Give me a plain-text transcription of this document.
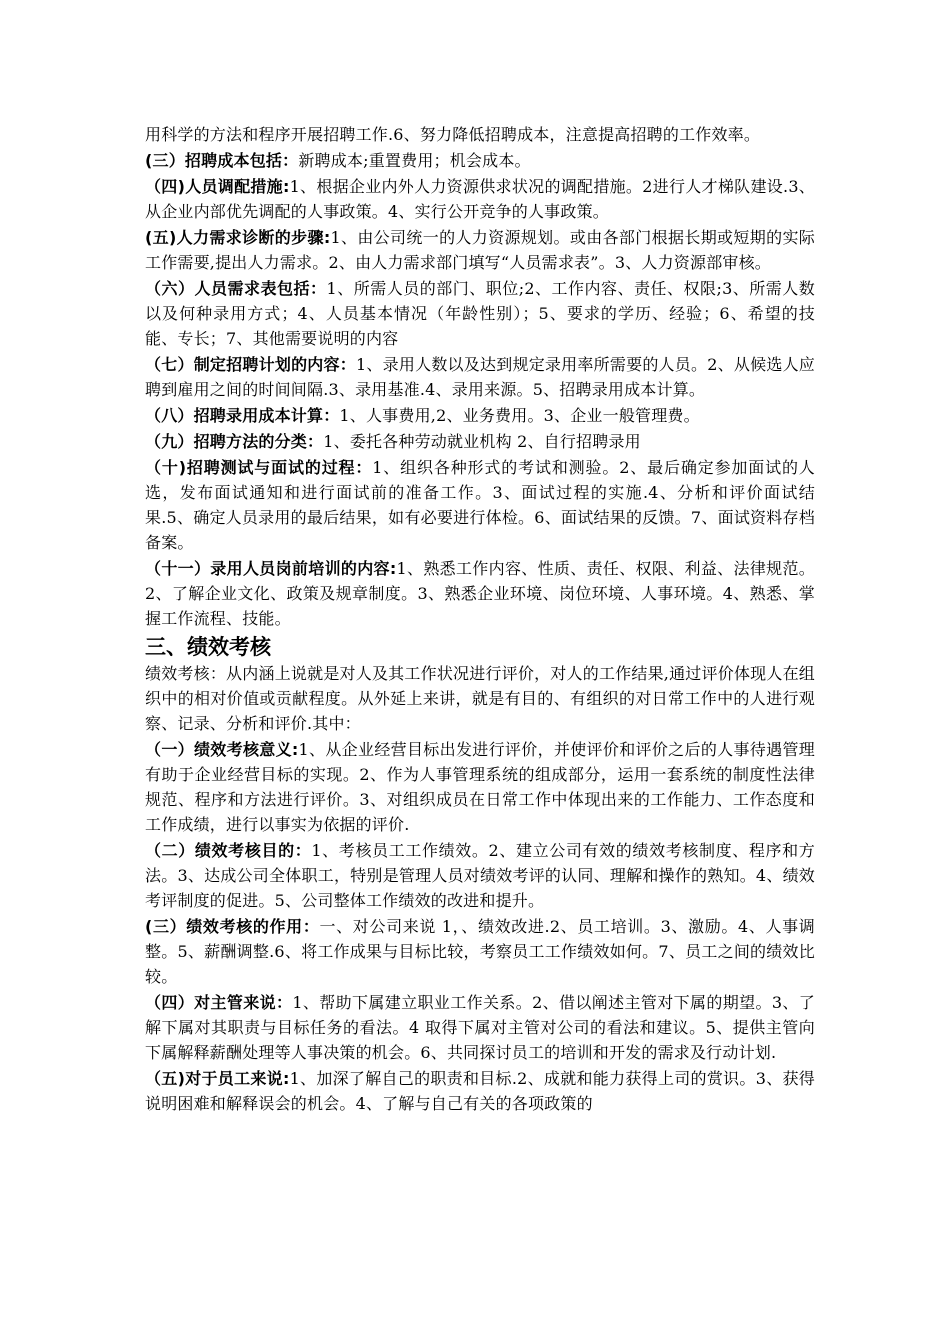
用科学的方法和程序开展招聘工作.6、努力降低招聘成本，注意提高招聘的工作效率。

(三）招聘成本包括：新聘成本;重置费用；机会成本。

（四)人员调配措施:1、根据企业内外人力资源供求状况的调配措施。2进行人才梯队建设.3、从企业内部优先调配的人事政策。4、实行公开竞争的人事政策。

(五)人力需求诊断的步骤:1、由公司统一的人力资源规划。或由各部门根据长期或短期的实际工作需要,提出人力需求。2、由人力需求部门填写“人员需求表”。3、人力资源部审核。

（六）人员需求表包括：1、所需人员的部门、职位;2、工作内容、责任、权限;3、所需人数以及何种录用方式；4、人员基本情况（年龄性别）；5、要求的学历、经验；6、希望的技能、专长；7、其他需要说明的内容

（七）制定招聘计划的内容：1、录用人数以及达到规定录用率所需要的人员。2、从候选人应聘到雇用之间的时间间隔.3、录用基准.4、录用来源。5、招聘录用成本计算。

（八）招聘录用成本计算：1、人事费用,2、业务费用。3、企业一般管理费。

（九）招聘方法的分类：1、委托各种劳动就业机构 2、自行招聘录用

（十)招聘测试与面试的过程：1、组织各种形式的考试和测验。2、最后确定参加面试的人选，发布面试通知和进行面试前的准备工作。3、面试过程的实施.4、分析和评价面试结果.5、确定人员录用的最后结果，如有必要进行体检。6、面试结果的反馈。7、面试资料存档备案。

（十一）录用人员岗前培训的内容:1、熟悉工作内容、性质、责任、权限、利益、法律规范。2、了解企业文化、政策及规章制度。3、熟悉企业环境、岗位环境、人事环境。4、熟悉、掌握工作流程、技能。

三、绩效考核

绩效考核：从内涵上说就是对人及其工作状况进行评价，对人的工作结果,通过评价体现人在组织中的相对价值或贡献程度。从外延上来讲，就是有目的、有组织的对日常工作中的人进行观察、记录、分析和评价.其中：

（一）绩效考核意义:1、从企业经营目标出发进行评价，并使评价和评价之后的人事待遇管理有助于企业经营目标的实现。2、作为人事管理系统的组成部分，运用一套系统的制度性法律规范、程序和方法进行评价。3、对组织成员在日常工作中体现出来的工作能力、工作态度和工作成绩，进行以事实为依据的评价.

（二）绩效考核目的：1、考核员工工作绩效。2、建立公司有效的绩效考核制度、程序和方法。3、达成公司全体职工，特别是管理人员对绩效考评的认同、理解和操作的熟知。4、绩效考评制度的促进。5、公司整体工作绩效的改进和提升。

(三）绩效考核的作用：一、对公司来说 1，、绩效改进.2、员工培训。3、激励。4、人事调整。5、薪酬调整.6、将工作成果与目标比较，考察员工工作绩效如何。7、员工之间的绩效比较。

（四）对主管来说：1、帮助下属建立职业工作关系。2、借以阐述主管对下属的期望。3、了解下属对其职责与目标任务的看法。4 取得下属对主管对公司的看法和建议。5、提供主管向下属解释薪酬处理等人事决策的机会。6、共同探讨员工的培训和开发的需求及行动计划.

（五)对于员工来说:1、加深了解自己的职责和目标.2、成就和能力获得上司的赏识。3、获得说明困难和解释误会的机会。4、了解与自己有关的各项政策的
